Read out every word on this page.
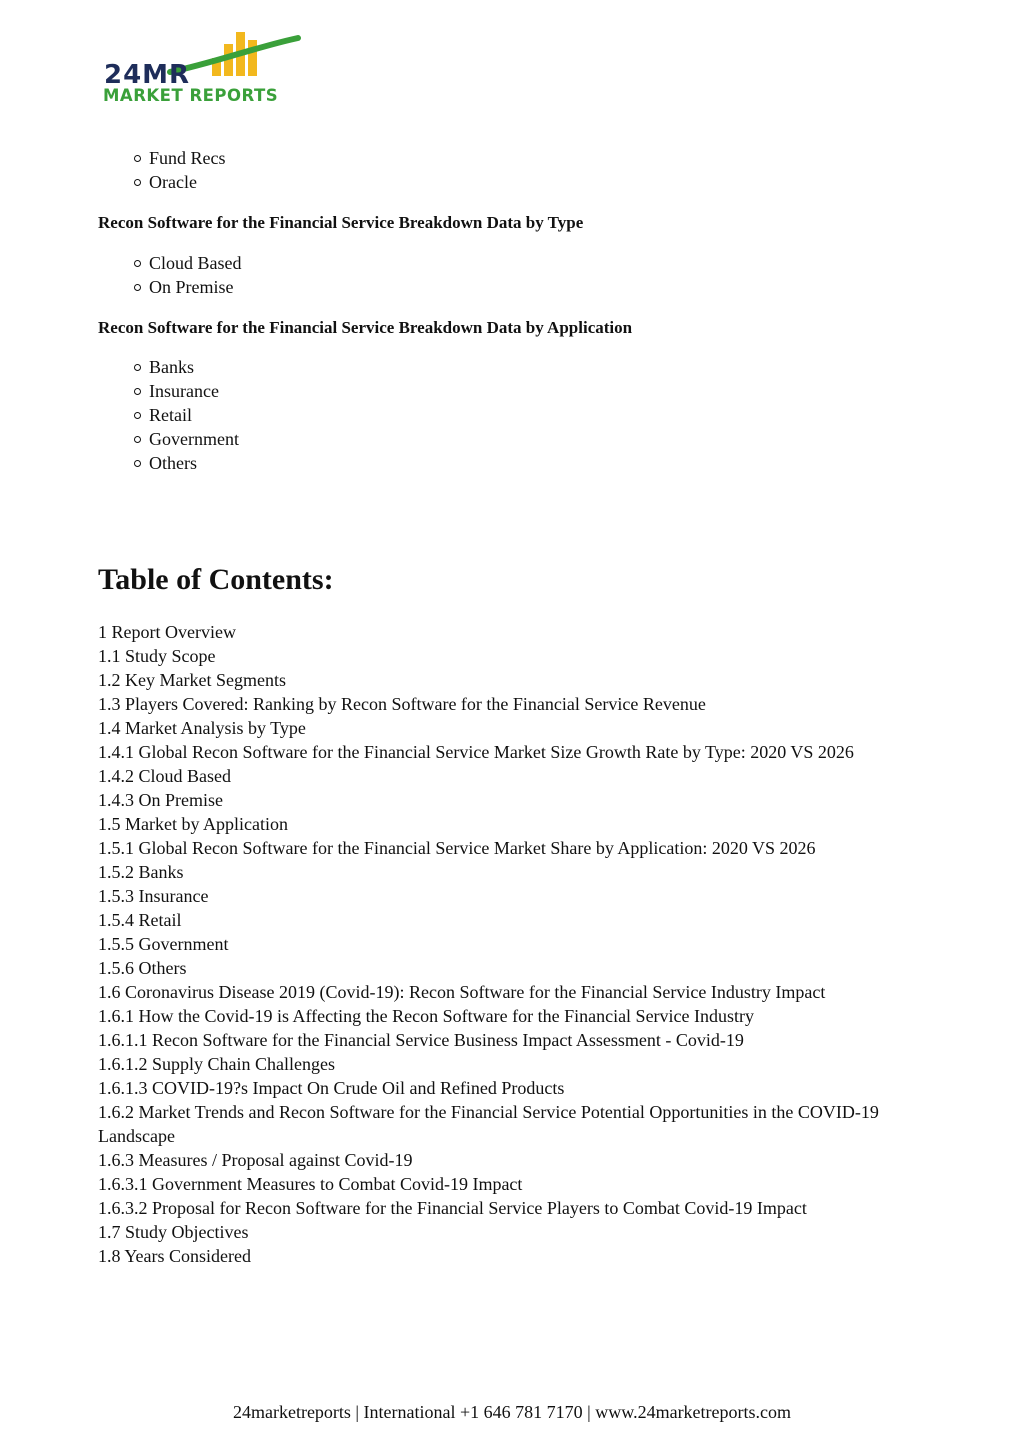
24MR
MARKET REPORTS
Fund Recs
Oracle
Recon Software for the Financial Service Breakdown Data by Type
Cloud Based
On Premise
Recon Software for the Financial Service Breakdown Data by Application
Banks
Insurance
Retail
Government
Others
Table of Contents:
1 Report Overview
1.1 Study Scope
1.2 Key Market Segments
1.3 Players Covered: Ranking by Recon Software for the Financial Service Revenue
1.4 Market Analysis by Type
1.4.1 Global Recon Software for the Financial Service Market Size Growth Rate by Type: 2020 VS 2026
1.4.2 Cloud Based
1.4.3 On Premise
1.5 Market by Application
1.5.1 Global Recon Software for the Financial Service Market Share by Application: 2020 VS 2026
1.5.2 Banks
1.5.3 Insurance
1.5.4 Retail
1.5.5 Government
1.5.6 Others
1.6 Coronavirus Disease 2019 (Covid-19): Recon Software for the Financial Service Industry Impact
1.6.1 How the Covid-19 is Affecting the Recon Software for the Financial Service Industry
1.6.1.1 Recon Software for the Financial Service Business Impact Assessment - Covid-19
1.6.1.2 Supply Chain Challenges
1.6.1.3 COVID-19?s Impact On Crude Oil and Refined Products
1.6.2 Market Trends and Recon Software for the Financial Service Potential Opportunities in the COVID-19
Landscape
1.6.3 Measures / Proposal against Covid-19
1.6.3.1 Government Measures to Combat Covid-19 Impact
1.6.3.2 Proposal for Recon Software for the Financial Service Players to Combat Covid-19 Impact
1.7 Study Objectives
1.8 Years Considered
24marketreports | International +1 646 781 7170 | www.24marketreports.com
